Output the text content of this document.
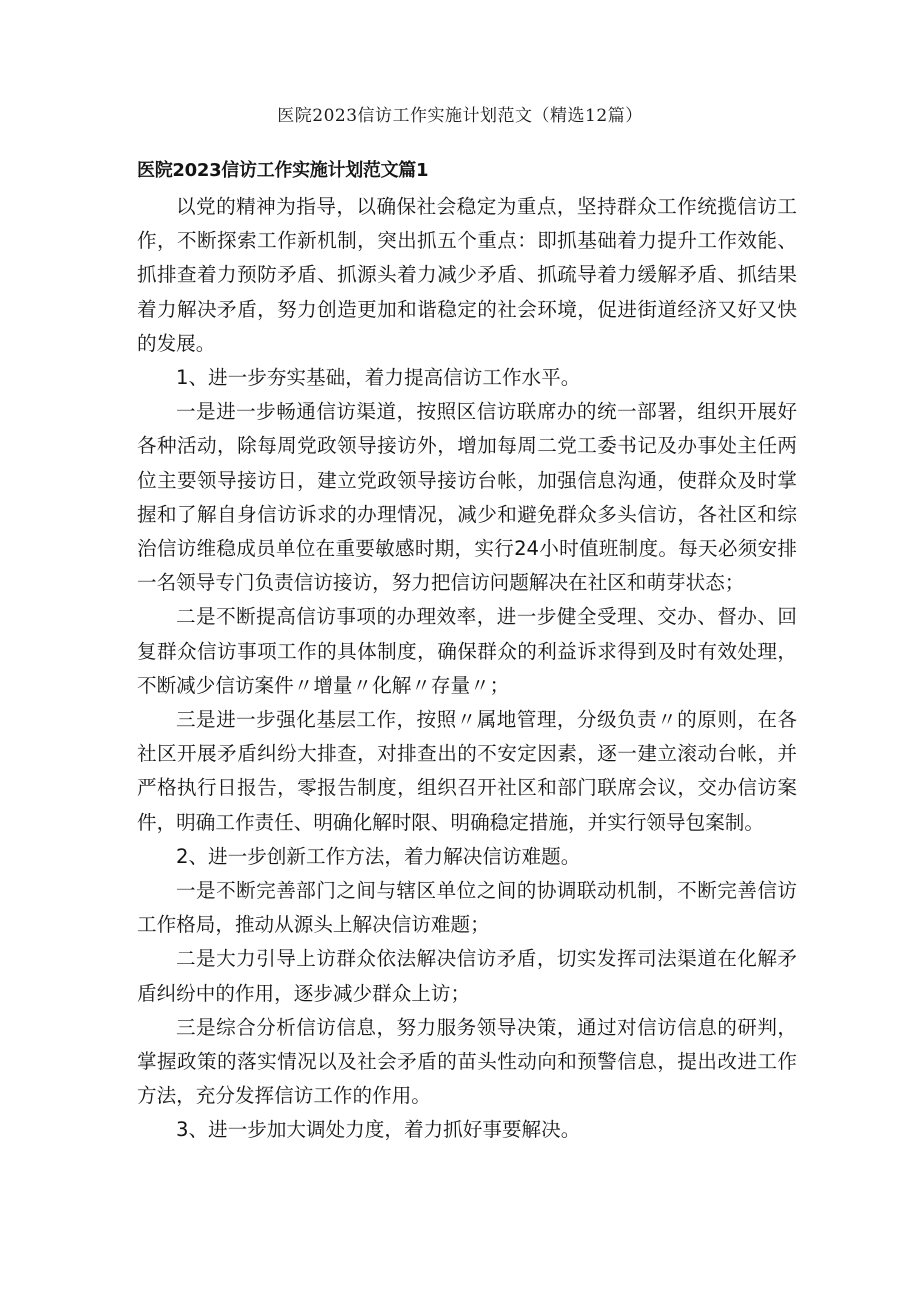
医院2023信访工作实施计划范文（精选12篇）
医院2023信访工作实施计划范文篇1

以党的精神为指导，以确保社会稳定为重点，坚持群众工作统揽信访工作，不断探索工作新机制，突出抓五个重点：即抓基础着力提升工作效能、抓排查着力预防矛盾、抓源头着力减少矛盾、抓疏导着力缓解矛盾、抓结果着力解决矛盾，努力创造更加和谐稳定的社会环境，促进街道经济又好又快的发展。

1、进一步夯实基础，着力提高信访工作水平。

一是进一步畅通信访渠道，按照区信访联席办的统一部署，组织开展好各种活动，除每周党政领导接访外，增加每周二党工委书记及办事处主任两位主要领导接访日，建立党政领导接访台帐，加强信息沟通，使群众及时掌握和了解自身信访诉求的办理情况，减少和避免群众多头信访，各社区和综治信访维稳成员单位在重要敏感时期，实行24小时值班制度。每天必须安排一名领导专门负责信访接访，努力把信访问题解决在社区和萌芽状态；

二是不断提高信访事项的办理效率，进一步健全受理、交办、督办、回复群众信访事项工作的具体制度，确保群众的利益诉求得到及时有效处理，不断减少信访案件〃增量〃化解〃存量〃；

三是进一步强化基层工作，按照〃属地管理，分级负责〃的原则，在各社区开展矛盾纠纷大排查，对排查出的不安定因素，逐一建立滚动台帐，并严格执行日报告，零报告制度，组织召开社区和部门联席会议，交办信访案件，明确工作责任、明确化解时限、明确稳定措施，并实行领导包案制。

2、进一步创新工作方法，着力解决信访难题。

一是不断完善部门之间与辖区单位之间的协调联动机制，不断完善信访工作格局，推动从源头上解决信访难题；

二是大力引导上访群众依法解决信访矛盾，切实发挥司法渠道在化解矛盾纠纷中的作用，逐步减少群众上访；

三是综合分析信访信息，努力服务领导决策，通过对信访信息的研判，掌握政策的落实情况以及社会矛盾的苗头性动向和预警信息，提出改进工作方法，充分发挥信访工作的作用。

3、进一步加大调处力度，着力抓好事要解决。
